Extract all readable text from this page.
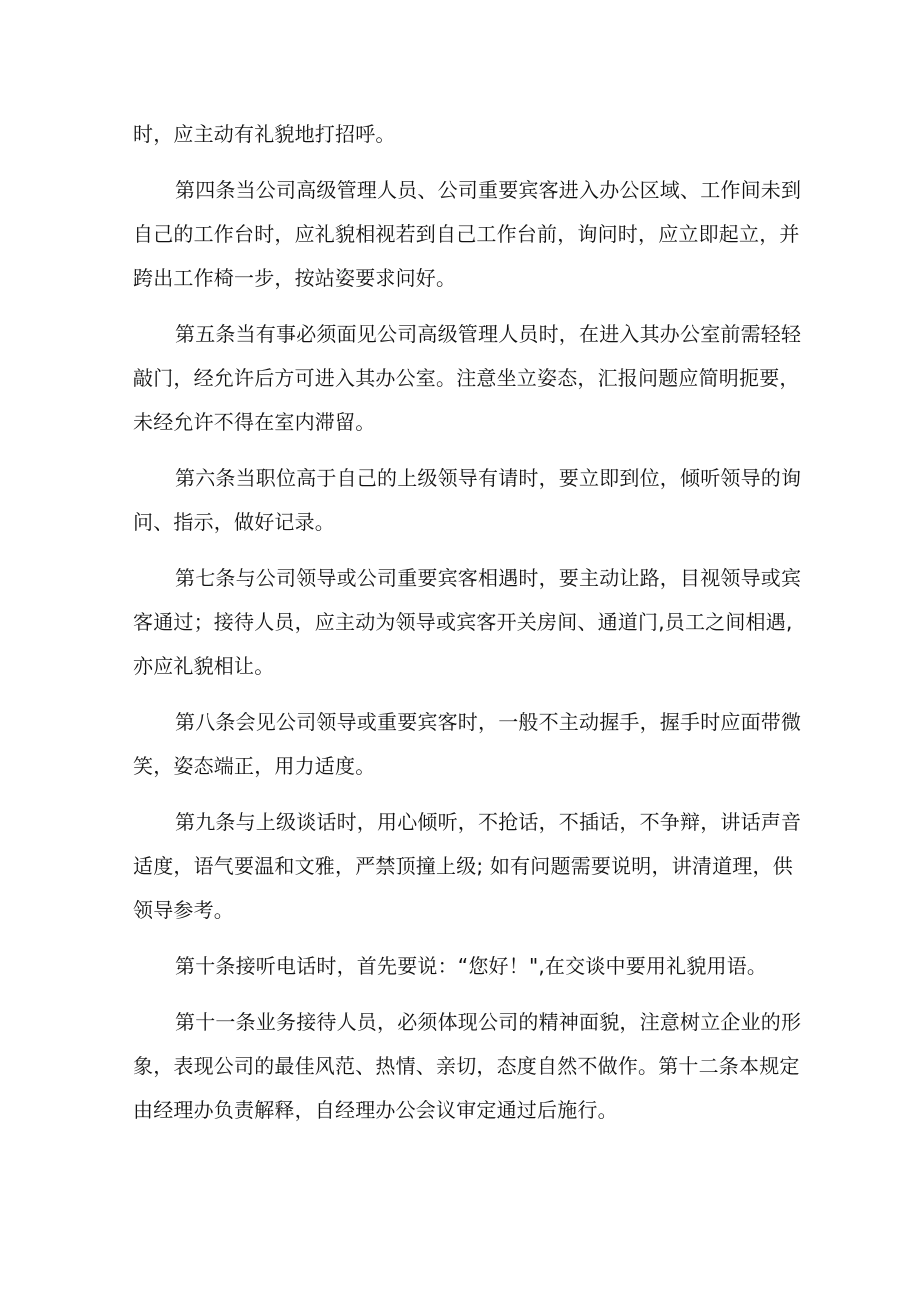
时，应主动有礼貌地打招呼。

第四条当公司高级管理人员、公司重要宾客进入办公区域、工作间未到

自己的工作台时，应礼貌相视若到自己工作台前，询问时，应立即起立，并

跨出工作椅一步，按站姿要求问好。

第五条当有事必须面见公司高级管理人员时，在进入其办公室前需轻轻

敲门，经允许后方可进入其办公室。注意坐立姿态，汇报问题应简明扼要，

未经允许不得在室内滞留。

第六条当职位高于自己的上级领导有请时，要立即到位，倾听领导的询

问、指示，做好记录。

第七条与公司领导或公司重要宾客相遇时，要主动让路，目视领导或宾

客通过；接待人员，应主动为领导或宾客开关房间、通道门,员工之间相遇,

亦应礼貌相让。

第八条会见公司领导或重要宾客时，一般不主动握手，握手时应面带微

笑，姿态端正，用力适度。

第九条与上级谈话时，用心倾听，不抢话，不插话，不争辩，讲话声音

适度，语气要温和文雅，严禁顶撞上级; 如有问题需要说明，讲清道理，供

领导参考。

第十条接听电话时，首先要说：“您好！",在交谈中要用礼貌用语。

第十一条业务接待人员，必须体现公司的精神面貌，注意树立企业的形

象，表现公司的最佳风范、热情、亲切，态度自然不做作。第十二条本规定

由经理办负责解释，自经理办公会议审定通过后施行。
